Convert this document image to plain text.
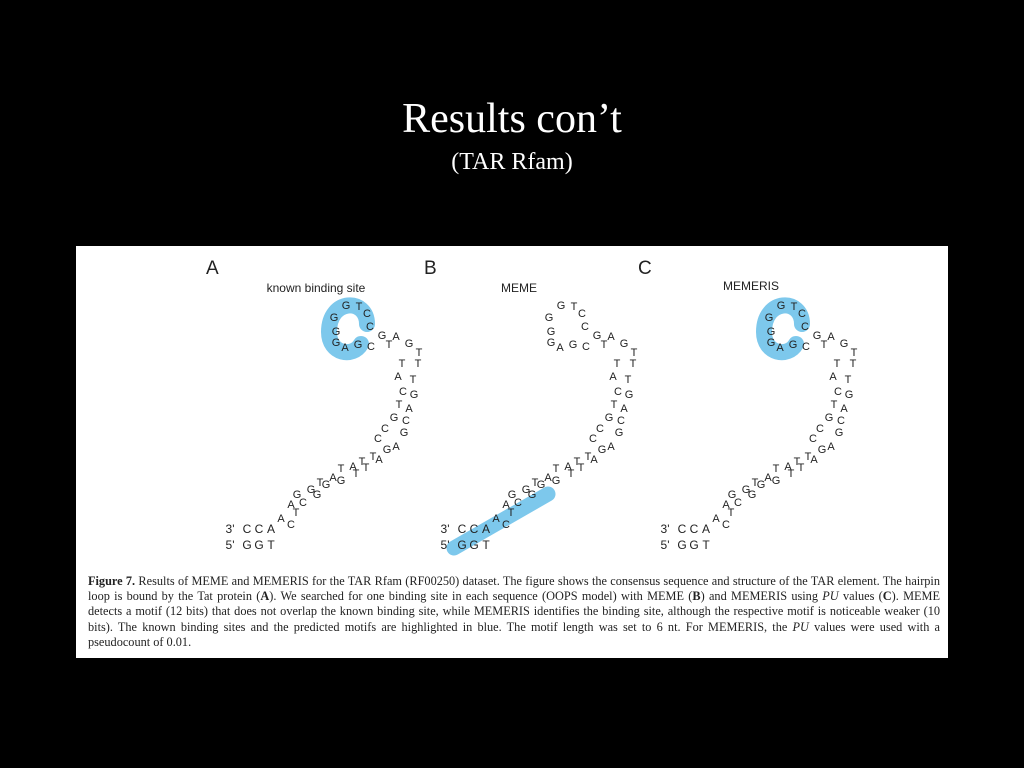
Results con’t
(TAR Rfam)
G
G
G A
G T
C
C
G C
G
T
A
G
T
T
T
A T
C G
T A
G C
C G
C
A
G
T
A
T
T
A
T
T
G
A
G
T
G
G
G
C
A
T
A C
C C A
G G T
3'
5'
A
known binding site
G
G
G A
G T
C
C
G C
G
T
A
G
T
T
T
A T
C G
T A
G C
C G
C
A
G
T
A
T
T
A
T
T
G
A
G
T
G
G
G
C
A
T
A C
C C A
G G T
3'
5'
B
MEME
G
G
G A
G T
C
C
G C
G
T
A
G
T
T
T
A T
C G
T A
G C
C G
C
A
G
T
A
T
T
A
T
T
G
A
G
T
G
G
G
C
A
T
A C
C C A
G G T
3'
5'
C
MEMERIS
Figure 7. Results of MEME and MEMERIS for the TAR Rfam (RF00250) dataset. The figure shows the consensus sequence and structure of the TAR element. The hairpin loop is bound by the Tat protein (A). We searched for one binding site in each sequence (OOPS model) with MEME (B) and MEMERIS using PU values (C). MEME detects a motif (12 bits) that does not overlap the known binding site, while MEMERIS identifies the binding site, although the respective motif is noticeable weaker (10 bits). The known binding sites and the predicted motifs are highlighted in blue. The motif length was set to 6 nt. For MEMERIS, the PU values were used with a pseudocount of 0.01.
